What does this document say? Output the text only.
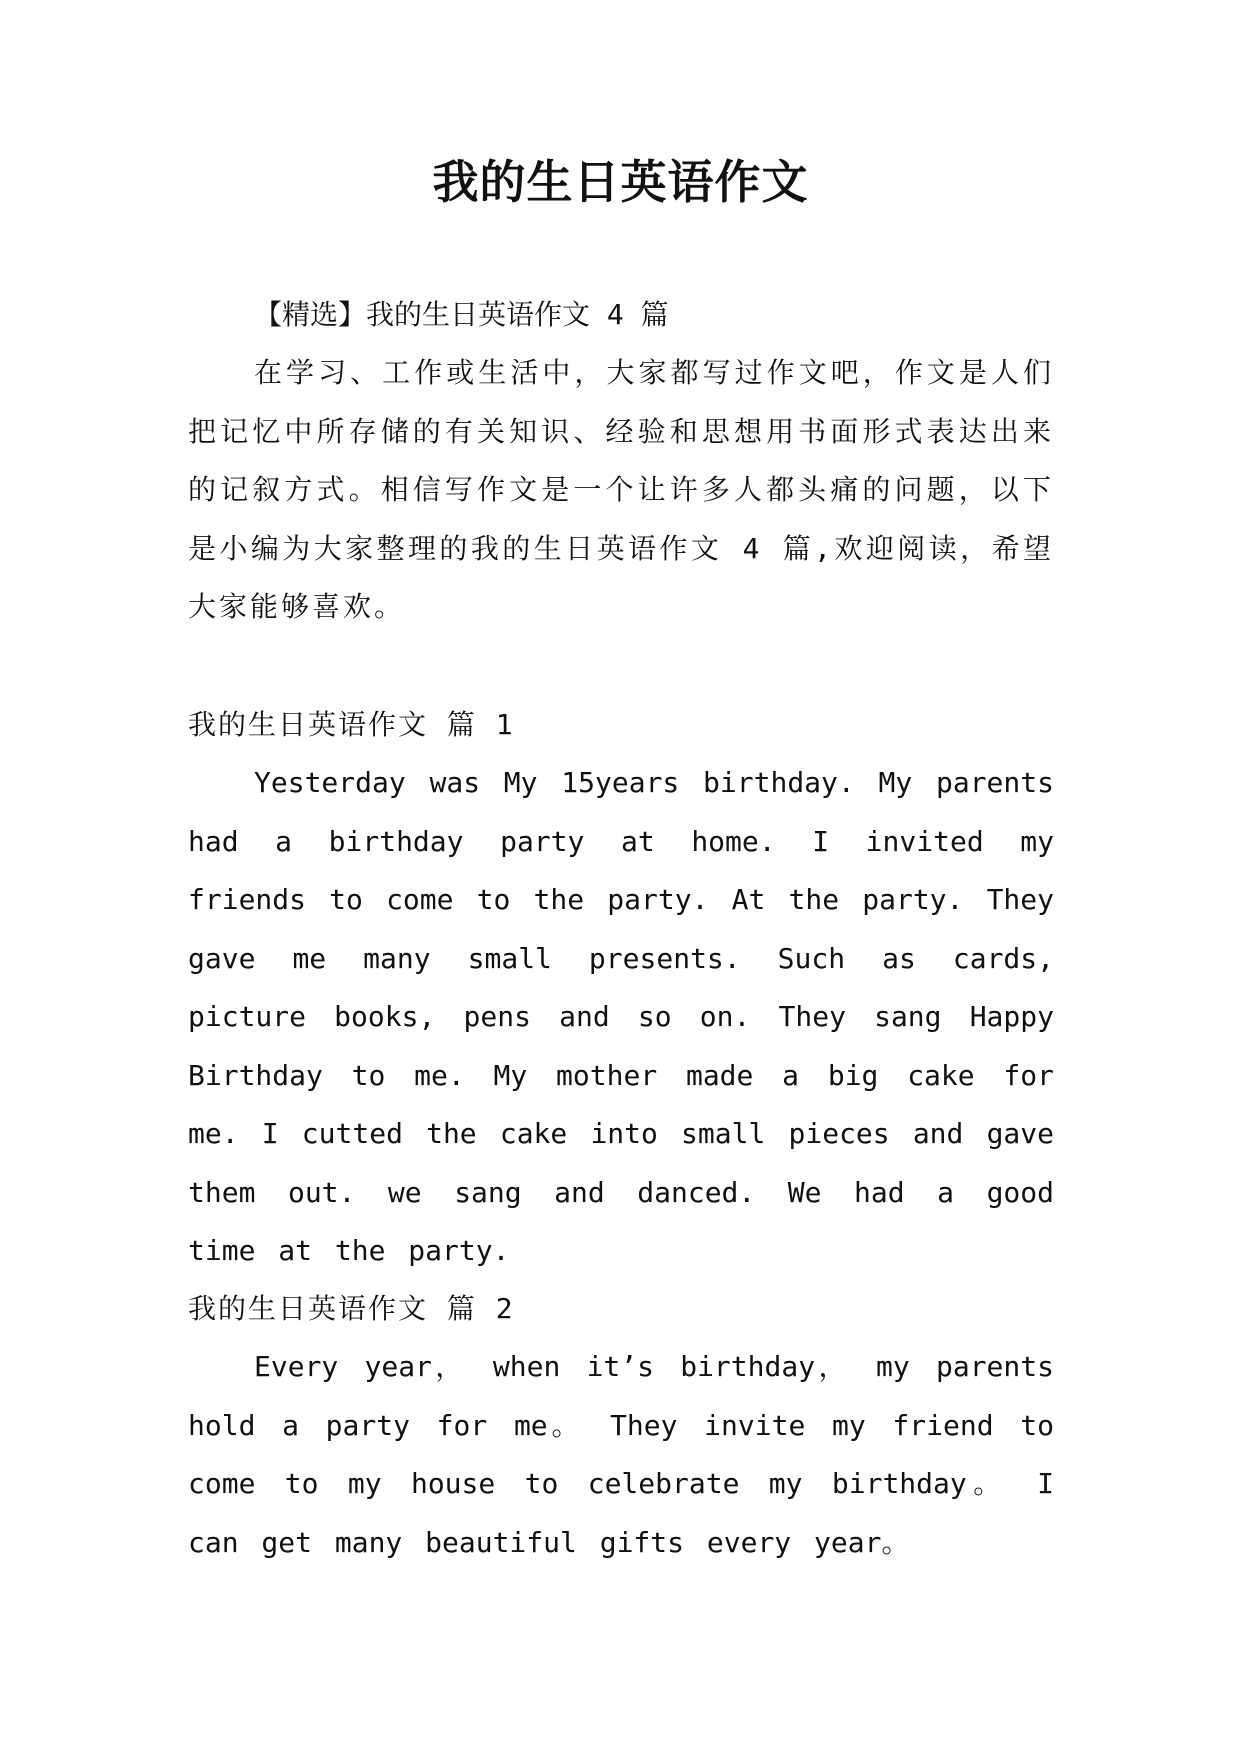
我的生日英语作文

【精选】我的生日英语作文 4 篇

在学习、工作或生活中，大家都写过作文吧，作文是人们把记忆中所存储的有关知识、经验和思想用书面形式表达出来的记叙方式。相信写作文是一个让许多人都头痛的问题，以下是小编为大家整理的我的生日英语作文 4 篇,欢迎阅读，希望大家能够喜欢。

我的生日英语作文 篇 1

Yesterday was My 15years birthday. My parents had a birthday party at home. I invited my friends to come to the party. At the party. They gave me many small presents. Such as cards, picture books, pens and so on. They sang Happy Birthday to me. My mother made a big cake for me. I cutted the cake into small pieces and gave them out. we sang and danced. We had a good time at the party.

我的生日英语作文 篇 2

Every year， when it’s birthday， my parents hold a party for me。 They invite my friend to come to my house to celebrate my birthday。 I can get many beautiful gifts every year。
